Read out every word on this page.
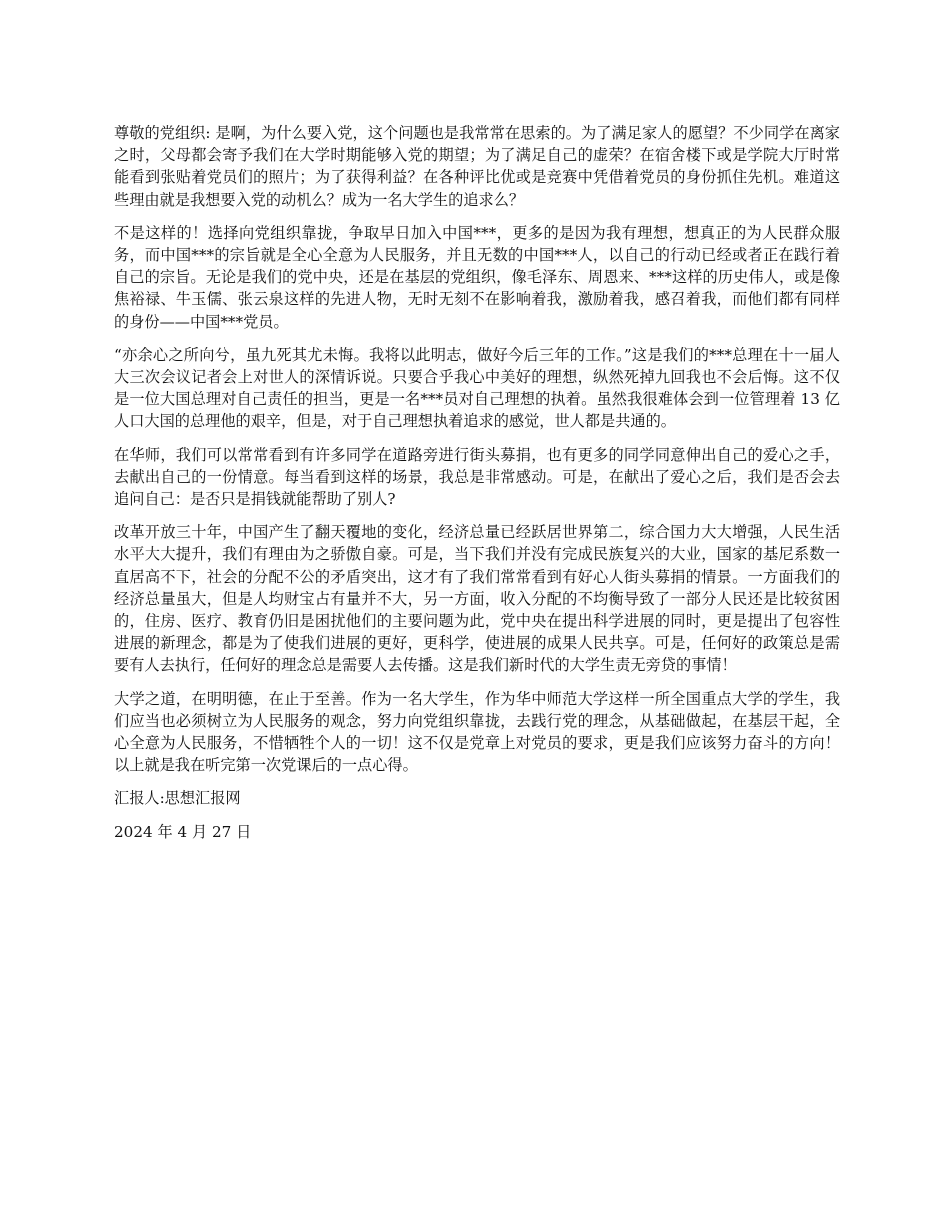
尊敬的党组织: 是啊，为什么要入党，这个问题也是我常常在思索的。为了满足家人的愿望？不少同学在离家之时，父母都会寄予我们在大学时期能够入党的期望；为了满足自己的虚荣？在宿舍楼下或是学院大厅时常能看到张贴着党员们的照片；为了获得利益？在各种评比优或是竞赛中凭借着党员的身份抓住先机。难道这些理由就是我想要入党的动机么？成为一名大学生的追求么？

不是这样的！选择向党组织靠拢，争取早日加入中国***，更多的是因为我有理想，想真正的为人民群众服务，而中国***的宗旨就是全心全意为人民服务，并且无数的中国***人，以自己的行动已经或者正在践行着自己的宗旨。无论是我们的党中央，还是在基层的党组织，像毛泽东、周恩来、***这样的历史伟人，或是像焦裕禄、牛玉儒、张云泉这样的先进人物，无时无刻不在影响着我，激励着我，感召着我，而他们都有同样的身份——中国***党员。

“亦余心之所向兮，虽九死其尤未悔。我将以此明志，做好今后三年的工作。”这是我们的***总理在十一届人大三次会议记者会上对世人的深情诉说。只要合乎我心中美好的理想，纵然死掉九回我也不会后悔。这不仅是一位大国总理对自己责任的担当，更是一名***员对自己理想的执着。虽然我很难体会到一位管理着 13 亿人口大国的总理他的艰辛，但是，对于自己理想执着追求的感觉，世人都是共通的。

在华师，我们可以常常看到有许多同学在道路旁进行街头募捐，也有更多的同学同意伸出自己的爱心之手，去献出自己的一份情意。每当看到这样的场景，我总是非常感动。可是，在献出了爱心之后，我们是否会去追问自己：是否只是捐钱就能帮助了别人?

改革开放三十年，中国产生了翻天覆地的变化，经济总量已经跃居世界第二，综合国力大大增强，人民生活水平大大提升，我们有理由为之骄傲自豪。可是，当下我们并没有完成民族复兴的大业，国家的基尼系数一直居高不下，社会的分配不公的矛盾突出，这才有了我们常常看到有好心人街头募捐的情景。一方面我们的经济总量虽大，但是人均财宝占有量并不大，另一方面，收入分配的不均衡导致了一部分人民还是比较贫困的，住房、医疗、教育仍旧是困扰他们的主要问题为此，党中央在提出科学进展的同时，更是提出了包容性进展的新理念，都是为了使我们进展的更好，更科学，使进展的成果人民共享。可是，任何好的政策总是需要有人去执行，任何好的理念总是需要人去传播。这是我们新时代的大学生责无旁贷的事情！

大学之道，在明明德，在止于至善。作为一名大学生，作为华中师范大学这样一所全国重点大学的学生，我们应当也必须树立为人民服务的观念，努力向党组织靠拢，去践行党的理念，从基础做起，在基层干起，全心全意为人民服务，不惜牺牲个人的一切！这不仅是党章上对党员的要求，更是我们应该努力奋斗的方向！以上就是我在听完第一次党课后的一点心得。

汇报人:思想汇报网

2024 年 4 月 27 日
